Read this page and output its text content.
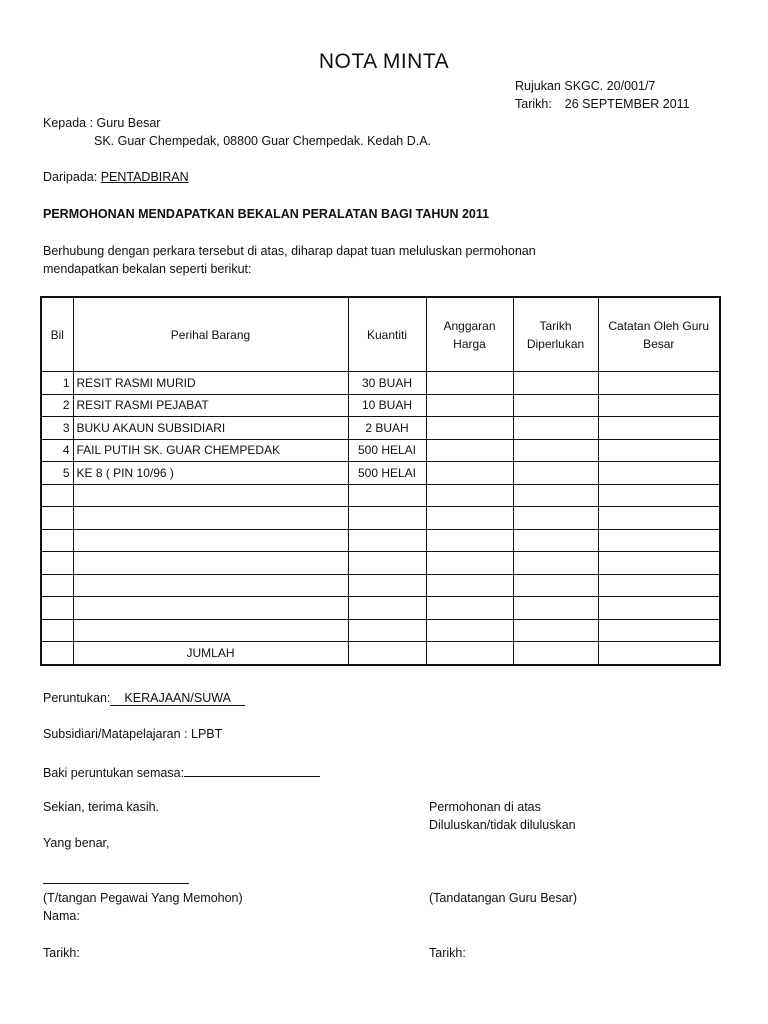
NOTA MINTA
Rujukan SKGC. 20/001/7
Tarikh: 26 SEPTEMBER 2011
Kepada : Guru Besar
SK. Guar Chempedak, 08800 Guar Chempedak. Kedah D.A.
Daripada: PENTADBIRAN
PERMOHONAN MENDAPATKAN BEKALAN PERALATAN BAGI TAHUN 2011
Berhubung dengan perkara tersebut di atas, diharap dapat tuan meluluskan permohonan
mendapatkan bekalan seperti berikut:
Bil	Perihal Barang	Kuantiti	Anggaran Harga	Tarikh Diperlukan	Catatan Oleh Guru Besar
1	RESIT RASMI MURID	30 BUAH			
2	RESIT RASMI PEJABAT	10 BUAH			
3	BUKU AKAUN SUBSIDIARI	2 BUAH			
4	FAIL PUTIH SK. GUAR CHEMPEDAK	500 HELAI			
5	KE 8 ( PIN 10/96 )	500 HELAI			

	JUMLAH				
Peruntukan: KERAJAAN/SUWA
Subsidiari/Matapelajaran : LPBT
Baki peruntukan semasa:
Sekian, terima kasih.	Permohonan di atas
Diluluskan/tidak diluluskan
Yang benar,
(T/tangan Pegawai Yang Memohon)	(Tandatangan Guru Besar)
Nama:
Tarikh:	Tarikh:
